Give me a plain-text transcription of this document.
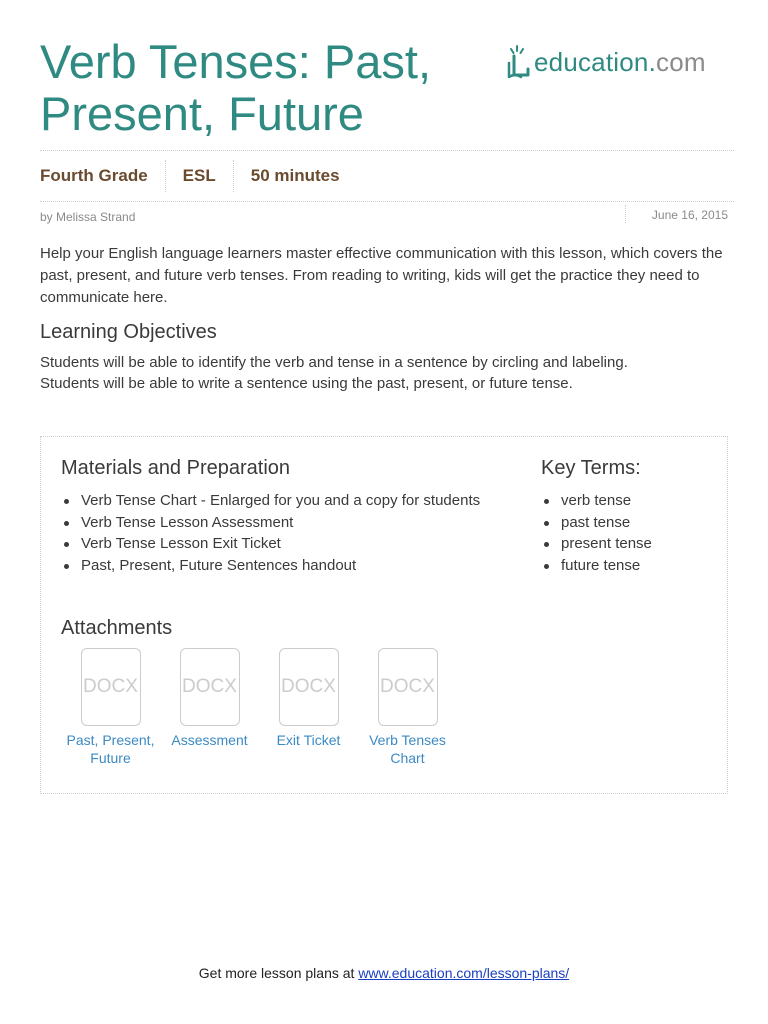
Verb Tenses: Past,
Present, Future
education.com
Fourth Grade	ESL	50 minutes
by Melissa Strand	June 16, 2015

Help your English language learners master effective communication with this lesson, which covers the past, present, and future verb tenses. From reading to writing, kids will get the practice they need to communicate here.

Learning Objectives
Students will be able to identify the verb and tense in a sentence by circling and labeling.
Students will be able to write a sentence using the past, present, or future tense.
Materials and Preparation
Verb Tense Chart - Enlarged for you and a copy for students
Verb Tense Lesson Assessment
Verb Tense Lesson Exit Ticket
Past, Present, Future Sentences handout
Key Terms:
verb tense
past tense
present tense
future tense
Attachments
DOCX
Past, Present, Future
DOCX
Assessment
DOCX
Exit Ticket
DOCX
Verb Tenses Chart
Get more lesson plans at www.education.com/lesson-plans/
